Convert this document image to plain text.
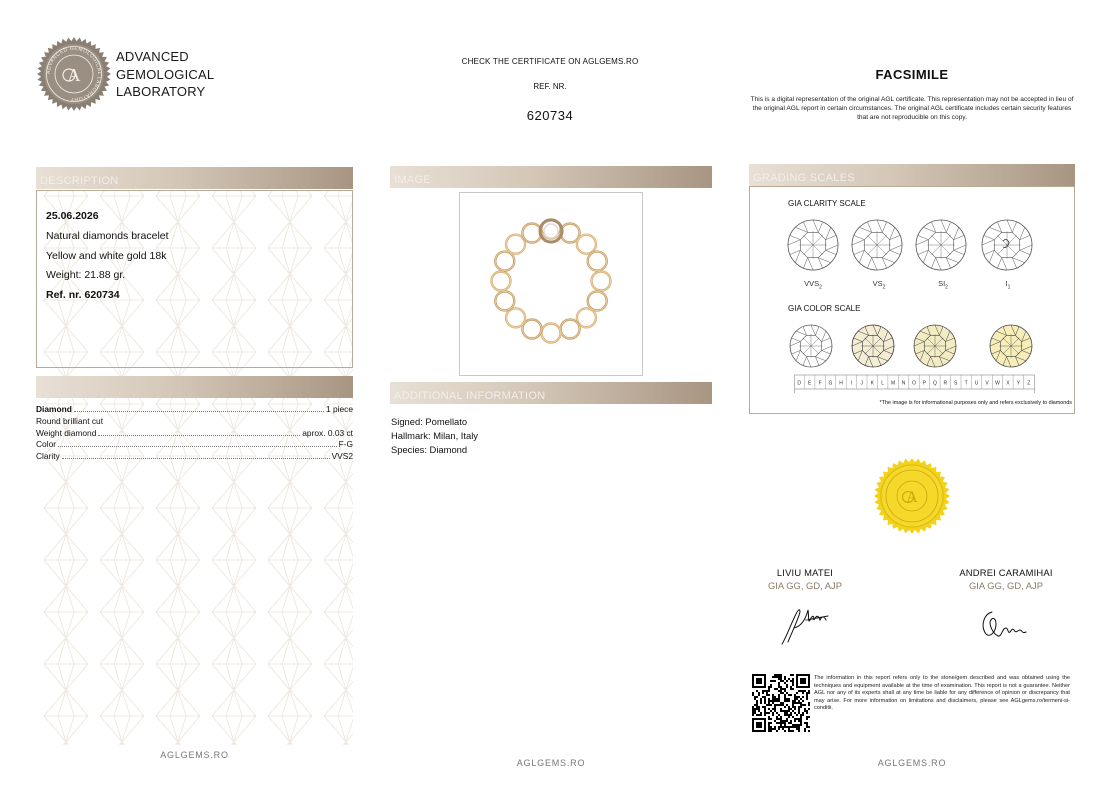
ADVANCED GEMOLOGICAL LABORATORY
A
ADVANCED
GEMOLOGICAL
LABORATORY
CHECK THE CERTIFICATE ON AGLGEMS.RO
REF. NR.
620734
FACSIMILE
This is a digital representation of the original AGL certificate. This representation may not be accepted in lieu of the original AGL report in certain circumstances. The original AGL certificate includes certain security features that are not reproducible on this copy.
DESCRIPTION
25.06.2026
Natural diamonds bracelet
Yellow and white gold 18k
Weight: 21.88 gr.
Ref. nr. 620734
Diamond	1 piece
Round brilliant cut
Weight diamond	aprox. 0.03 ct
Color	F-G
Clarity	VVS2
AGLGEMS.RO
IMAGE
ADDITIONAL INFORMATION
Signed: Pomellato
Hallmark: Milan, Italy
Species: Diamond
AGLGEMS.RO
GRADING SCALES
GIA CLARITY SCALE
$VVS_2$	$VS_2$	$SI_2$	$I_1$
GIA COLOR SCALE
D E F G H I J K L M N O P Q R S T U V W X Y Z
*The image is for informational purposes only and refers exclusively to diamonds
A
LIVIU MATEI
GIA GG, GD, AJP
ANDREI CARAMIHAI
GIA GG, GD, AJP
The information in this report refers only to the stone/gem described and was obtained using the techniques and equipment available at the time of examination. This report is not a guarantee. Neither AGL nor any of its experts shall at any time be liable for any difference of opinion or discrepancy that may arise. For more information on limitations and disclaimers, please see AGLgems.ro/termeni-si-conditii.
AGLGEMS.RO
